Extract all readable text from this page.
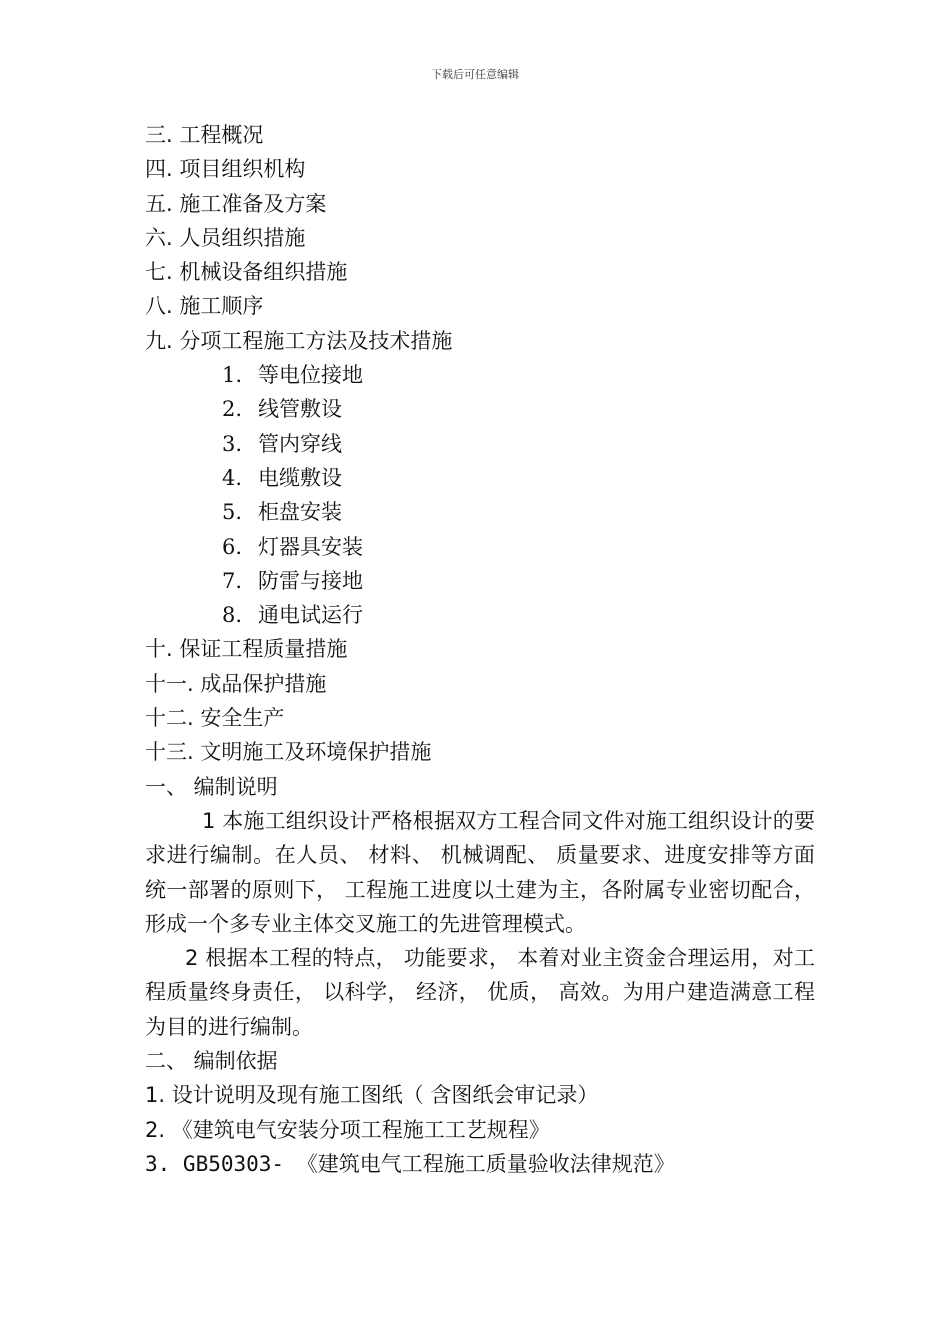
下载后可任意编辑
三. 工程概况
四. 项目组织机构
五. 施工准备及方案
六. 人员组织措施
七. 机械设备组织措施
八. 施工顺序
九. 分项工程施工方法及技术措施
1. 等电位接地
2. 线管敷设
3. 管内穿线
4. 电缆敷设
5. 柜盘安装
6. 灯器具安装
7. 防雷与接地
8. 通电试运行
十. 保证工程质量措施
十一. 成品保护措施
十二. 安全生产
十三. 文明施工及环境保护措施
一、 编制说明
1 本施工组织设计严格根据双方工程合同文件对施工组织设计的要求进行编制。在人员、 材料、 机械调配、 质量要求、进度安排等方面统一部署的原则下， 工程施工进度以土建为主，各附属专业密切配合， 形成一个多专业主体交叉施工的先进管理模式。
2 根据本工程的特点， 功能要求， 本着对业主资金合理运用，对工程质量终身责任， 以科学， 经济， 优质， 高效。为用户建造满意工程为目的进行编制。
二、 编制依据
1. 设计说明及现有施工图纸（ 含图纸会审记录）
2. 《建筑电气安装分项工程施工工艺规程》
3. GB50303- 《建筑电气工程施工质量验收法律规范》
